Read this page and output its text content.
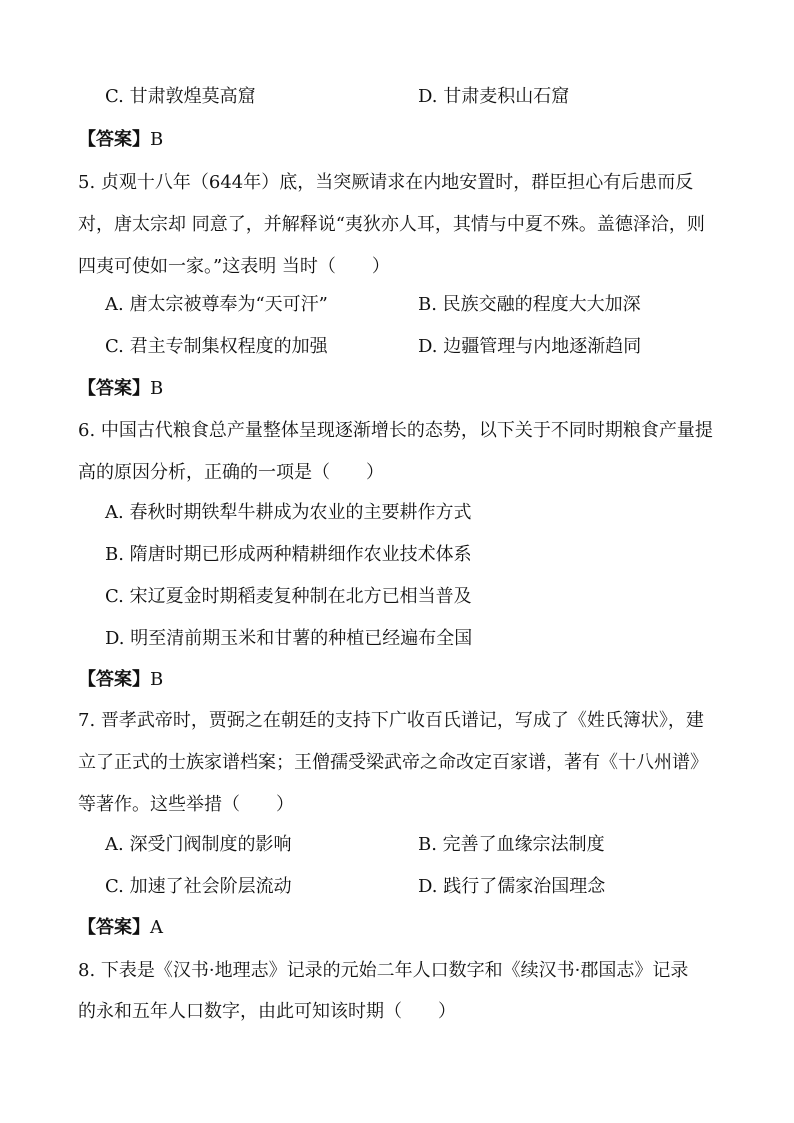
C. 甘肃敦煌莫高窟	D. 甘肃麦积山石窟
【答案】B
5. 贞观十八年（644年）底，当突厥请求在内地安置时，群臣担心有后患而反
对，唐太宗却 同意了，并解释说“夷狄亦人耳，其情与中夏不殊。盖德泽洽，则
四夷可使如一家。”这表明 当时（　　）
A. 唐太宗被尊奉为“天可汗”	B. 民族交融的程度大大加深
C. 君主专制集权程度的加强	D. 边疆管理与内地逐渐趋同
【答案】B
6. 中国古代粮食总产量整体呈现逐渐增长的态势，以下关于不同时期粮食产量提
高的原因分析，正确的一项是（　　）
A. 春秋时期铁犁牛耕成为农业的主要耕作方式
B. 隋唐时期已形成两种精耕细作农业技术体系
C. 宋辽夏金时期稻麦复种制在北方已相当普及
D. 明至清前期玉米和甘薯的种植已经遍布全国
【答案】B
7. 晋孝武帝时，贾弼之在朝廷的支持下广收百氏谱记，写成了《姓氏簿状》，建
立了正式的士族家谱档案；王僧孺受梁武帝之命改定百家谱，著有《十八州谱》
等著作。这些举措（　　）
A. 深受门阀制度的影响	B. 完善了血缘宗法制度
C. 加速了社会阶层流动	D. 践行了儒家治国理念
【答案】A
8. 下表是《汉书·地理志》记录的元始二年人口数字和《续汉书·郡国志》记录
的永和五年人口数字，由此可知该时期（　　）
